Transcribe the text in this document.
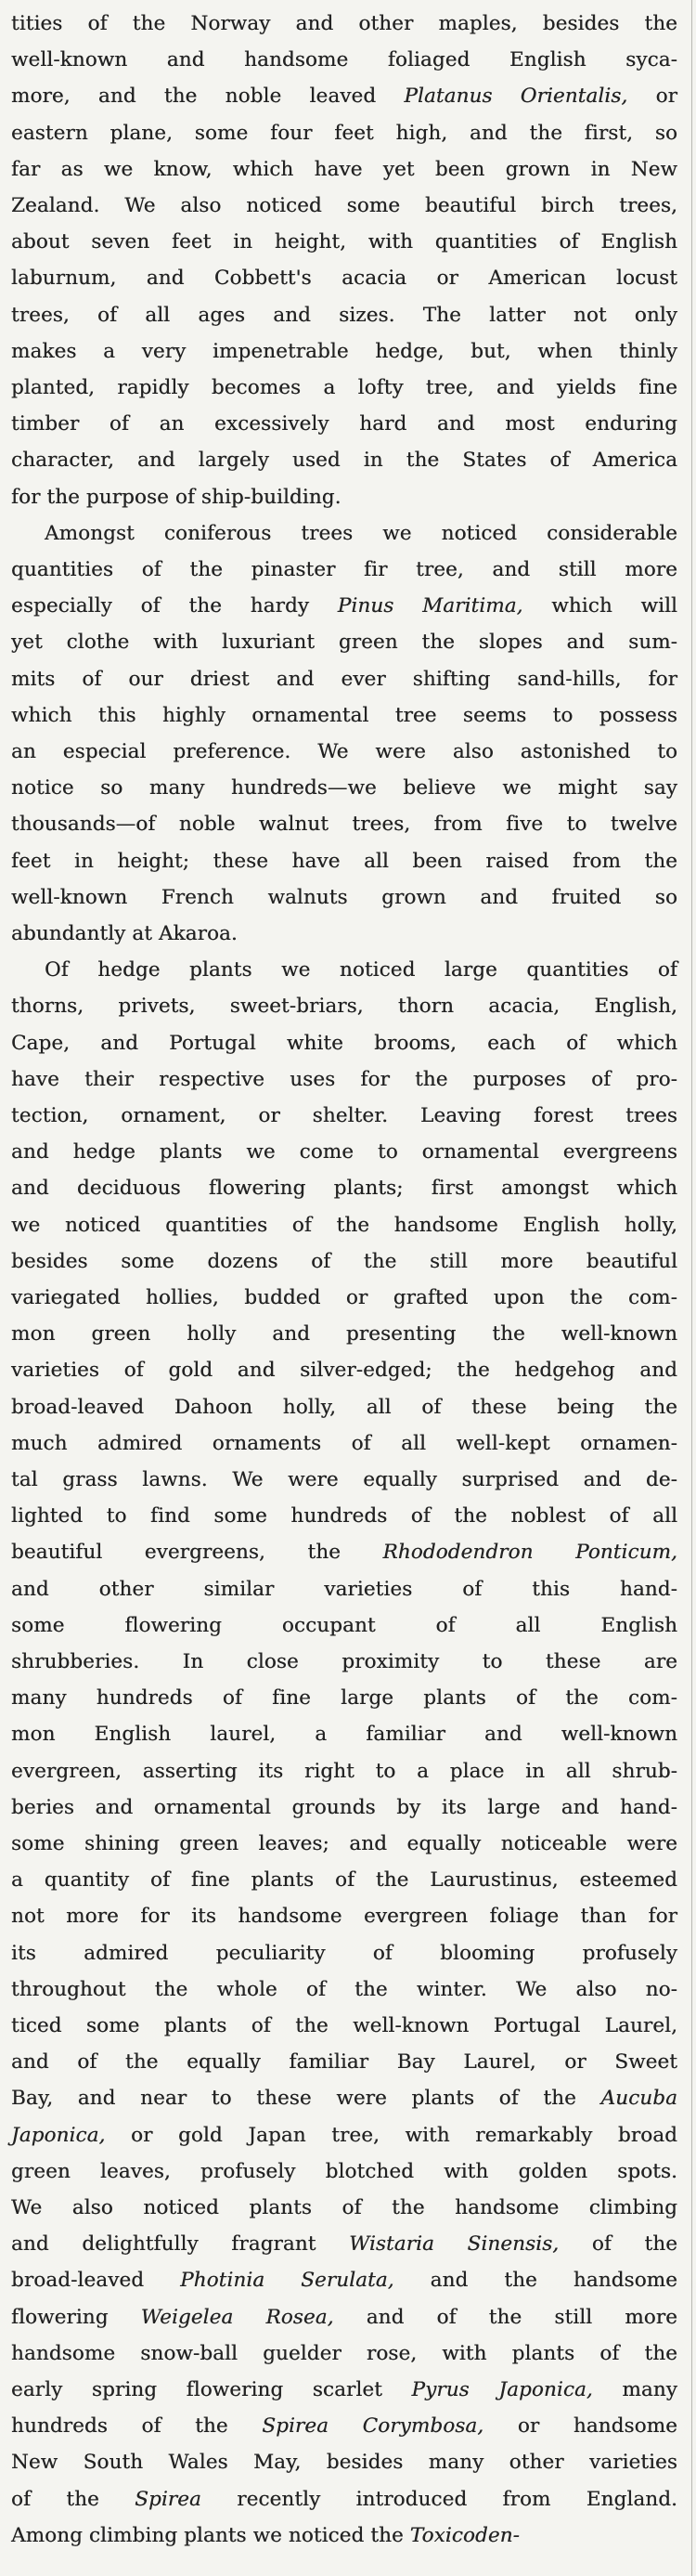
tities of the Norway and other maples, besides the
well-known and handsome foliaged English syca-
more, and the noble leaved Platanus Orientalis, or
eastern plane, some four feet high, and the first, so
far as we know, which have yet been grown in New
Zealand. We also noticed some beautiful birch trees,
about seven feet in height, with quantities of English
laburnum, and Cobbett's acacia or American locust
trees, of all ages and sizes. The latter not only
makes a very impenetrable hedge, but, when thinly
planted, rapidly becomes a lofty tree, and yields fine
timber of an excessively hard and most enduring
character, and largely used in the States of America
for the purpose of ship-building.
Amongst coniferous trees we noticed considerable
quantities of the pinaster fir tree, and still more
especially of the hardy Pinus Maritima, which will
yet clothe with luxuriant green the slopes and sum-
mits of our driest and ever shifting sand-hills, for
which this highly ornamental tree seems to possess
an especial preference. We were also astonished to
notice so many hundreds—we believe we might say
thousands—of noble walnut trees, from five to twelve
feet in height; these have all been raised from the
well-known French walnuts grown and fruited so
abundantly at Akaroa.
Of hedge plants we noticed large quantities of
thorns, privets, sweet-briars, thorn acacia, English,
Cape, and Portugal white brooms, each of which
have their respective uses for the purposes of pro-
tection, ornament, or shelter. Leaving forest trees
and hedge plants we come to ornamental evergreens
and deciduous flowering plants; first amongst which
we noticed quantities of the handsome English holly,
besides some dozens of the still more beautiful
variegated hollies, budded or grafted upon the com-
mon green holly and presenting the well-known
varieties of gold and silver-edged; the hedgehog and
broad-leaved Dahoon holly, all of these being the
much admired ornaments of all well-kept ornamen-
tal grass lawns. We were equally surprised and de-
lighted to find some hundreds of the noblest of all
beautiful evergreens, the Rhododendron Ponticum,
and other similar varieties of this hand-
some flowering occupant of all English
shrubberies. In close proximity to these are
many hundreds of fine large plants of the com-
mon English laurel, a familiar and well-known
evergreen, asserting its right to a place in all shrub-
beries and ornamental grounds by its large and hand-
some shining green leaves; and equally noticeable were
a quantity of fine plants of the Laurustinus, esteemed
not more for its handsome evergreen foliage than for
its admired peculiarity of blooming profusely
throughout the whole of the winter. We also no-
ticed some plants of the well-known Portugal Laurel,
and of the equally familiar Bay Laurel, or Sweet
Bay, and near to these were plants of the Aucuba
Japonica, or gold Japan tree, with remarkably broad
green leaves, profusely blotched with golden spots.
We also noticed plants of the handsome climbing
and delightfully fragrant Wistaria Sinensis, of the
broad-leaved Photinia Serulata, and the handsome
flowering Weigelea Rosea, and of the still more
handsome snow-ball guelder rose, with plants of the
early spring flowering scarlet Pyrus Japonica, many
hundreds of the Spirea Corymbosa, or handsome
New South Wales May, besides many other varieties
of the Spirea recently introduced from England.
Among climbing plants we noticed the Toxicoden-
